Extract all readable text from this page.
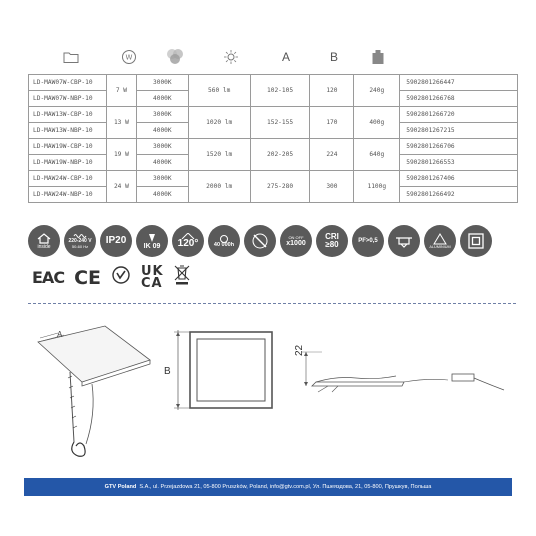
W	A	B
LD-MAW07W-CBP-10	7 W	3000K	560 lm	102-105	120	240g	5902801266447
LD-MAW07W-NBP-10		4000K					5902801266768
LD-MAW13W-CBP-10	13 W	3000K	1020 lm	152-155	170	400g	5902801266720
LD-MAW13W-NBP-10		4000K					5902801267215
LD-MAW19W-CBP-10	19 W	3000K	1520 lm	202-205	224	640g	5902801266706
LD-MAW19W-NBP-10		4000K					5902801266553
LD-MAW24W-CBP-10	24 W	3000K	2000 lm	275-280	300	1100g	5902801267406
LD-MAW24W-NBP-10		4000K					5902801266492
inside
220-240 V
50-60 Hz
IP20 IK 09 120°	40 000h
ON OFF
x1000
CRI
≥80	PF>0,5
ALUMINIUM
EAC CE	UK
CA
A
B
22
GTV Poland S.A., ul. Przejazdowa 21, 05-800 Pruszków, Poland, info@gtv.com.pl, Ул. Пшеяздова, 21, 05-800, Прушкув, Польша
